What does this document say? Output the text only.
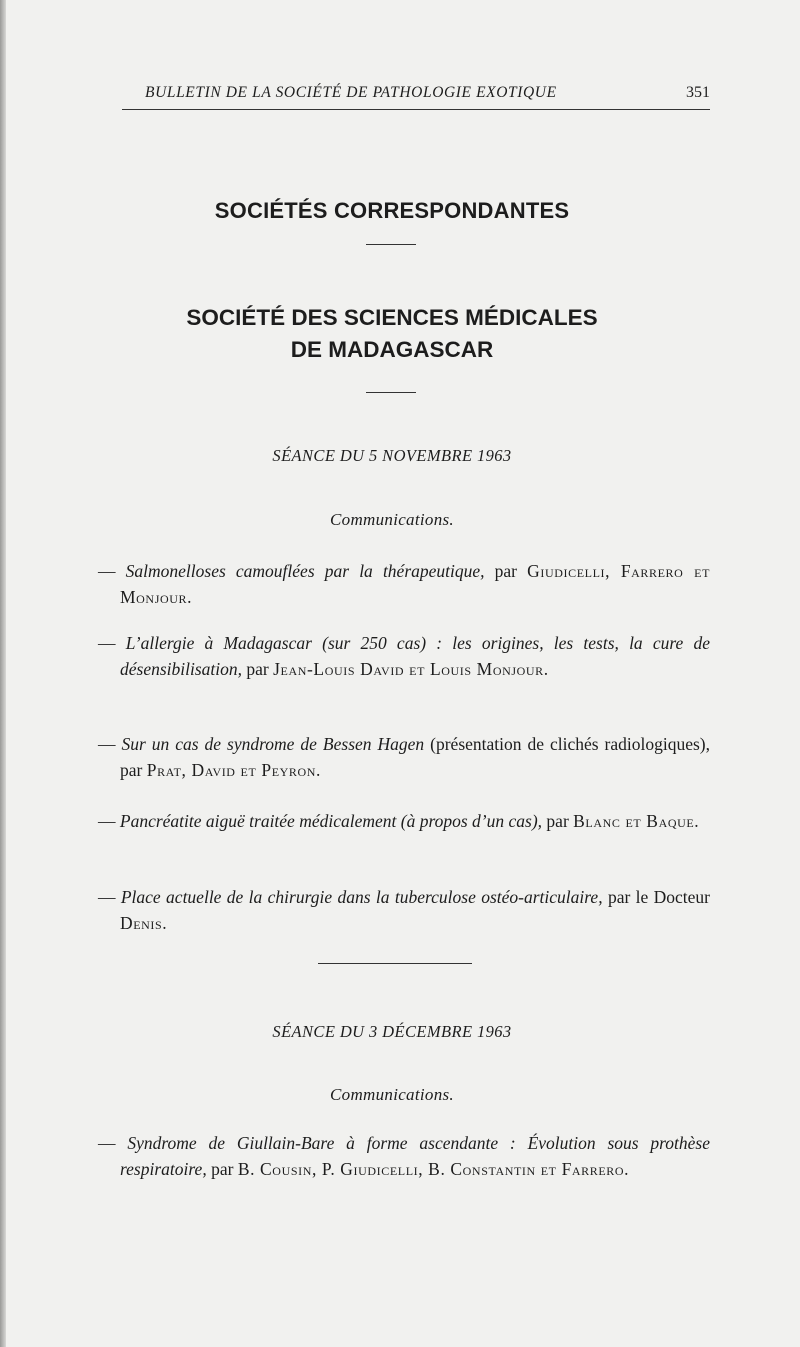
BULLETIN DE LA SOCIÉTÉ DE PATHOLOGIE EXOTIQUE	351
SOCIÉTÉS CORRESPONDANTES
SOCIÉTÉ DES SCIENCES MÉDICALES
DE MADAGASCAR
SÉANCE DU 5 NOVEMBRE 1963
Communications.
— Salmonelloses camouflées par la thérapeutique, par Giudicelli, Farrero et Monjour.
— L’allergie à Madagascar (sur 250 cas) : les origines, les tests, la cure de désensibilisation, par Jean-Louis David et Louis Monjour.
— Sur un cas de syndrome de Bessen Hagen (présentation de clichés radiologiques), par Prat, David et Peyron.
— Pancréatite aiguë traitée médicalement (à propos d’un cas), par Blanc et Baque.
— Place actuelle de la chirurgie dans la tuberculose ostéo-articulaire, par le Docteur Denis.
SÉANCE DU 3 DÉCEMBRE 1963
Communications.
— Syndrome de Giullain-Bare à forme ascendante : Évolution sous prothèse respiratoire, par B. Cousin, P. Giudicelli, B. Constantin et Farrero.
